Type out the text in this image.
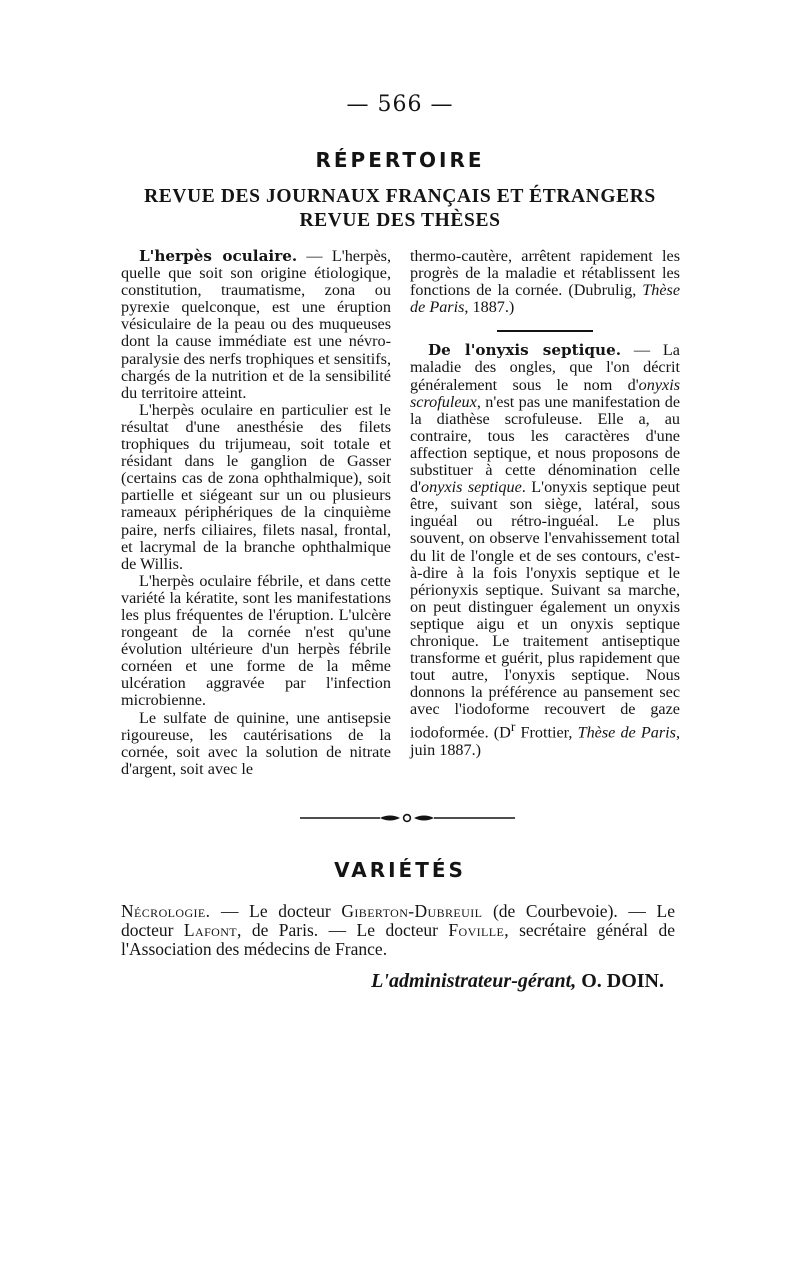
— 566 —
RÉPERTOIRE
REVUE DES JOURNAUX FRANÇAIS ET ÉTRANGERS
REVUE DES THÈSES

L'herpès oculaire. — L'herpès, quelle que soit son origine étiologique, constitution, traumatisme, zona ou pyrexie quelconque, est une éruption vésiculaire de la peau ou des muqueuses dont la cause immédiate est une névro-paralysie des nerfs trophiques et sensitifs, chargés de la nutrition et de la sensibilité du territoire atteint.

L'herpès oculaire en particulier est le résultat d'une anesthésie des filets trophiques du trijumeau, soit totale et résidant dans le ganglion de Gasser (certains cas de zona ophthalmique), soit partielle et siégeant sur un ou plusieurs rameaux périphériques de la cinquième paire, nerfs ciliaires, filets nasal, frontal, et lacrymal de la branche ophthalmique de Willis.

L'herpès oculaire fébrile, et dans cette variété la kératite, sont les manifestations les plus fréquentes de l'éruption. L'ulcère rongeant de la cornée n'est qu'une évolution ultérieure d'un herpès fébrile cornéen et une forme de la même ulcération aggravée par l'infection microbienne.

Le sulfate de quinine, une antisepsie rigoureuse, les cautérisations de la cornée, soit avec la solution de nitrate d'argent, soit avec le

thermo-cautère, arrêtent rapidement les progrès de la maladie et rétablissent les fonctions de la cornée. (Dubrulig, Thèse de Paris, 1887.)

De l'onyxis septique. — La maladie des ongles, que l'on décrit généralement sous le nom d'onyxis scrofuleux, n'est pas une manifestation de la diathèse scrofuleuse. Elle a, au contraire, tous les caractères d'une affection septique, et nous proposons de substituer à cette dénomination celle d'onyxis septique. L'onyxis septique peut être, suivant son siège, latéral, sous inguéal ou rétro-inguéal. Le plus souvent, on observe l'envahissement total du lit de l'ongle et de ses contours, c'est-à-dire à la fois l'onyxis septique et le périonyxis septique. Suivant sa marche, on peut distinguer également un onyxis septique aigu et un onyxis septique chronique. Le traitement antiseptique transforme et guérit, plus rapidement que tout autre, l'onyxis septique. Nous donnons la préférence au pansement sec avec l'iodoforme recouvert de gaze iodoformée. ($D^r$ Frottier, Thèse de Paris, juin 1887.)

VARIÉTÉS

Nécrologie. — Le docteur Giberton-Dubreuil (de Courbevoie). — Le docteur Lafont, de Paris. — Le docteur Foville, secrétaire général de l'Association des médecins de France.

L'administrateur-gérant, O. DOIN.
